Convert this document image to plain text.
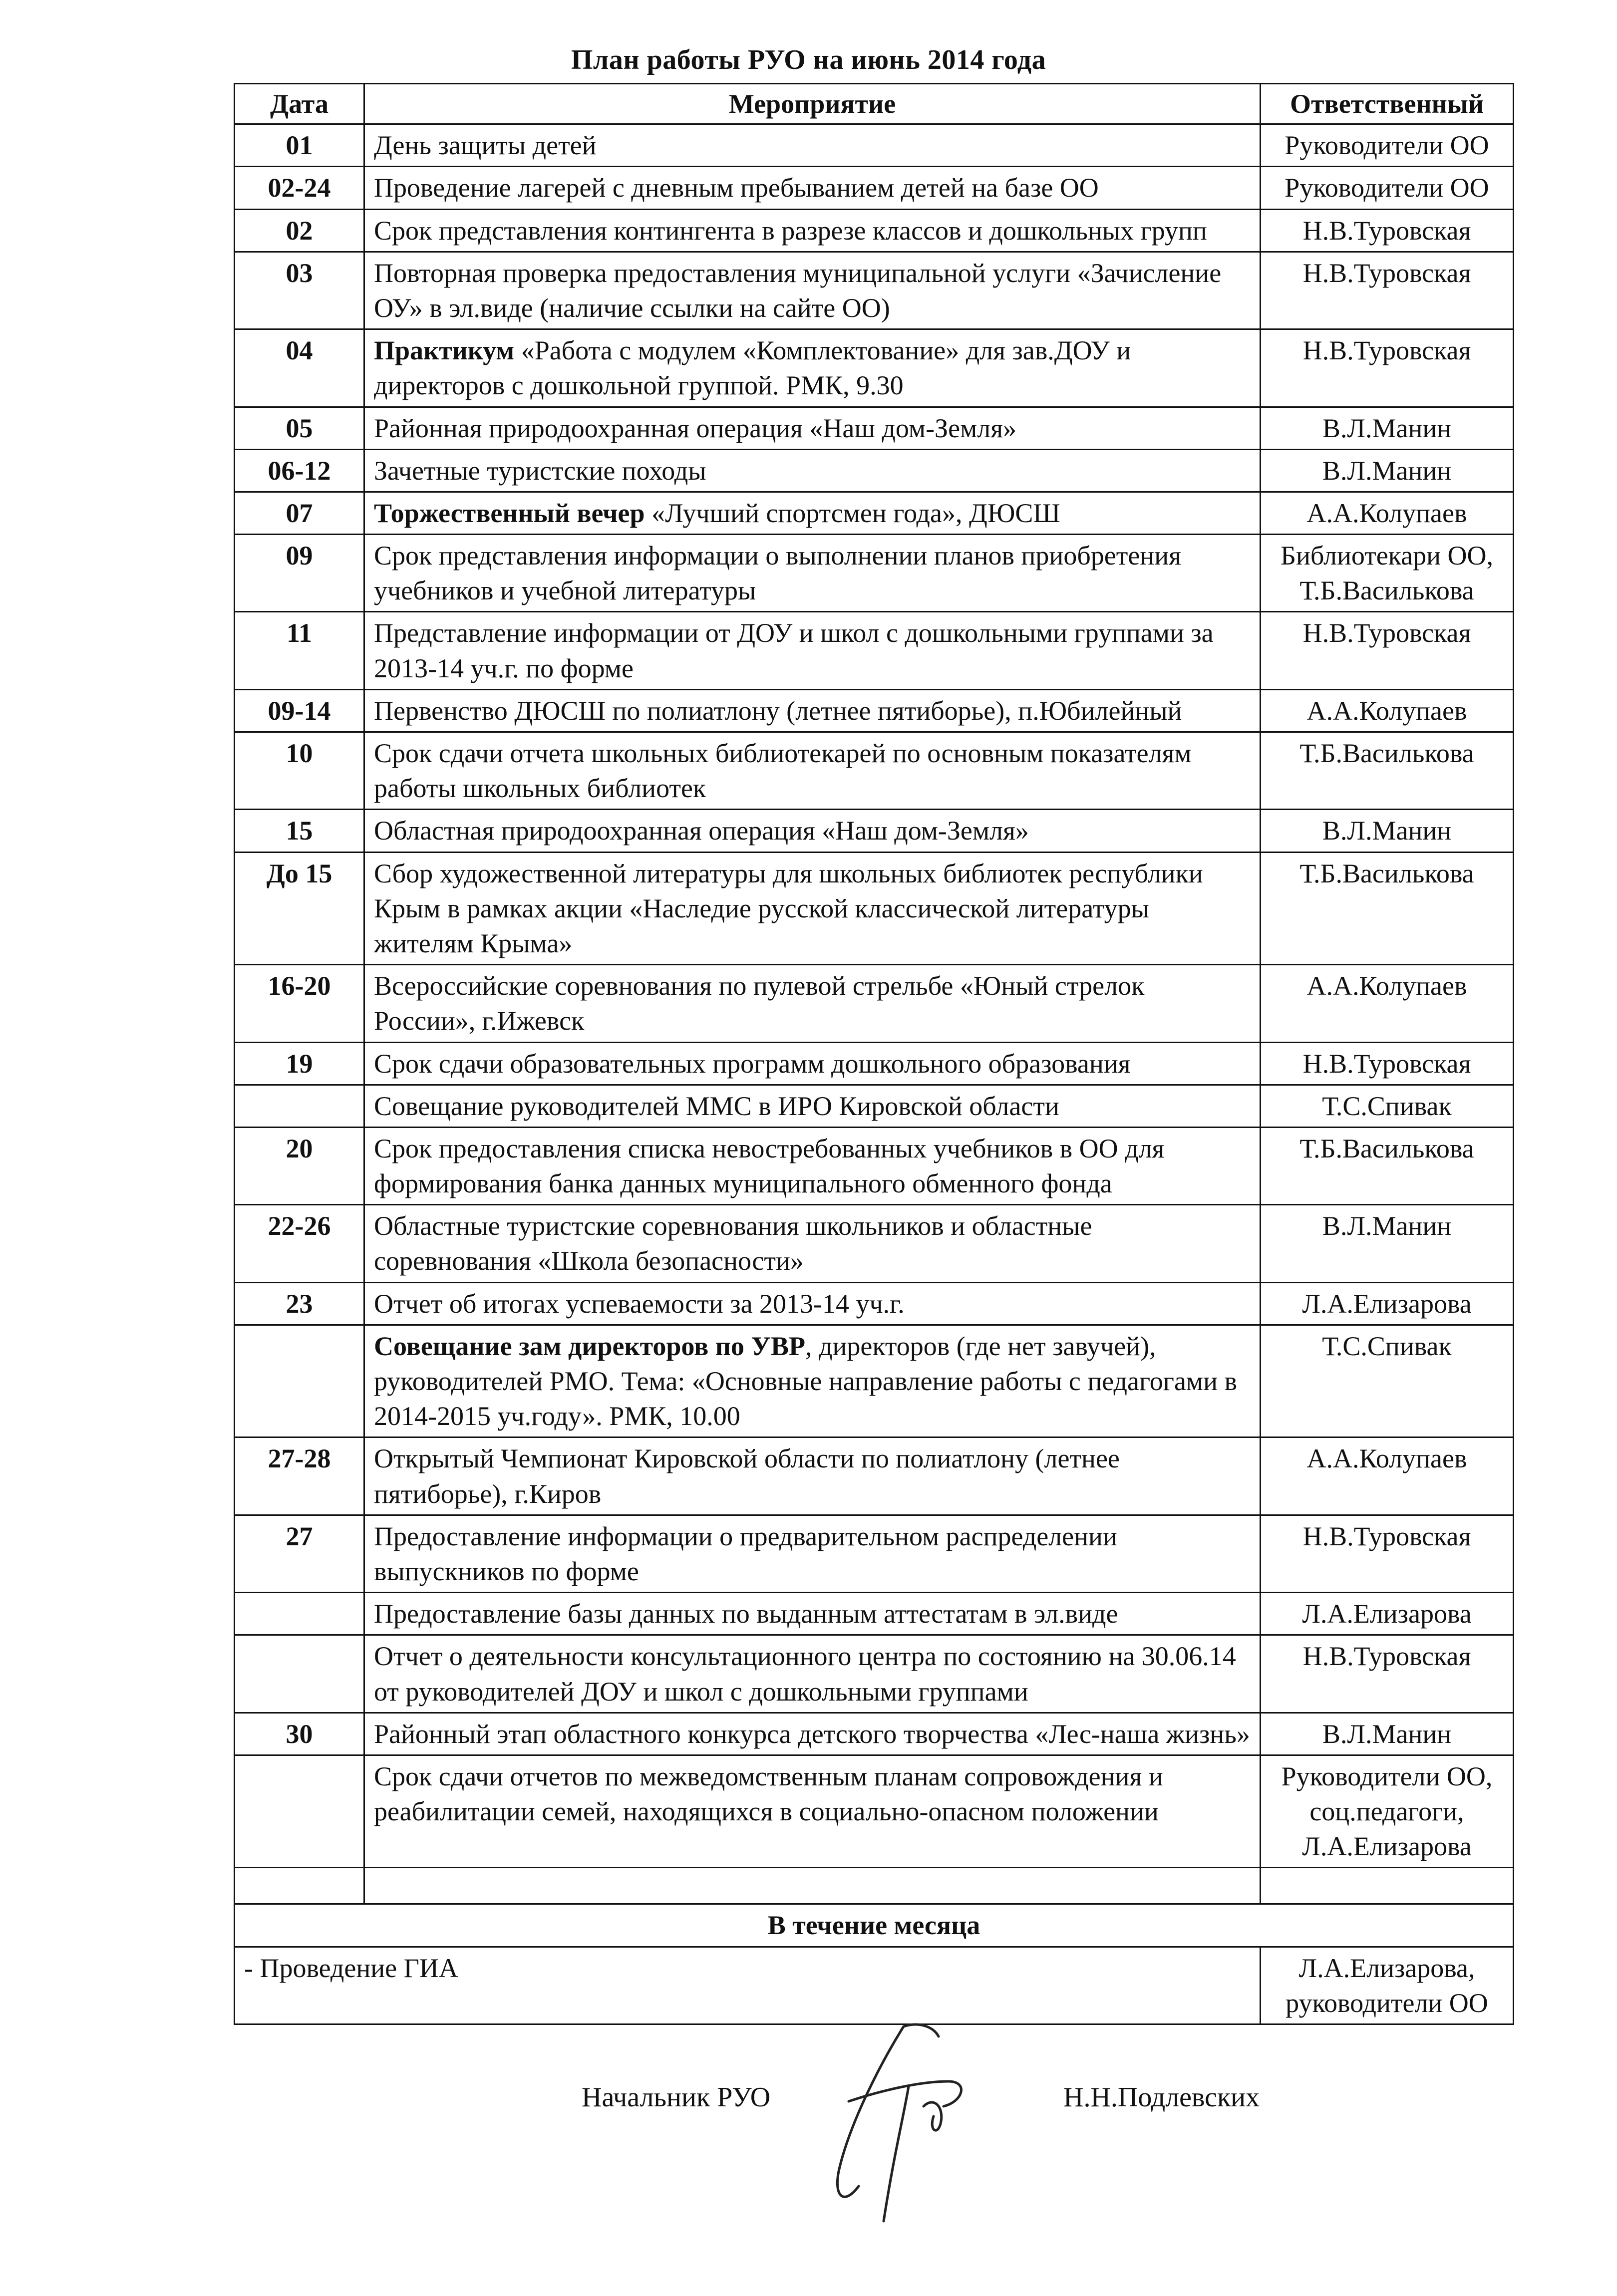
План работы РУО на июнь 2014 года
Дата	Мероприятие	Ответственный
01	День защиты детей	Руководители ОО
02-24	Проведение лагерей с дневным пребыванием детей на базе ОО	Руководители ОО
02	Срок представления контингента в разрезе классов и дошкольных групп	Н.В.Туровская
03	Повторная проверка предоставления муниципальной услуги «Зачисление ОУ» в эл.виде (наличие ссылки на сайте ОО)	Н.В.Туровская
04	Практикум «Работа с модулем «Комплектование» для зав.ДОУ и директоров с дошкольной группой. РМК, 9.30	Н.В.Туровская
05	Районная природоохранная операция «Наш дом-Земля»	В.Л.Манин
06-12	Зачетные туристские походы	В.Л.Манин
07	Торжественный вечер «Лучший спортсмен года», ДЮСШ	А.А.Колупаев
09	Срок представления информации о выполнении планов приобретения учебников и учебной литературы	Библиотекари ОО, Т.Б.Василькова
11	Представление информации от ДОУ и школ с дошкольными группами за 2013-14 уч.г. по форме	Н.В.Туровская
09-14	Первенство ДЮСШ по полиатлону (летнее пятиборье), п.Юбилейный	А.А.Колупаев
10	Срок сдачи отчета школьных библиотекарей по основным показателям работы школьных библиотек	Т.Б.Василькова
15	Областная природоохранная операция «Наш дом-Земля»	В.Л.Манин
До 15	Сбор художественной литературы для школьных библиотек республики Крым в рамках акции «Наследие русской классической литературы жителям Крыма»	Т.Б.Василькова
16-20	Всероссийские соревнования по пулевой стрельбе «Юный стрелок России», г.Ижевск	А.А.Колупаев
19	Срок сдачи образовательных программ дошкольного образования	Н.В.Туровская
	Совещание руководителей ММС в ИРО Кировской области	Т.С.Спивак
20	Срок предоставления списка невостребованных учебников в ОО для формирования банка данных муниципального обменного фонда	Т.Б.Василькова
22-26	Областные туристские соревнования школьников и областные соревнования «Школа безопасности»	В.Л.Манин
23	Отчет об итогах успеваемости за 2013-14 уч.г.	Л.А.Елизарова
	Совещание зам директоров по УВР, директоров (где нет завучей), руководителей РМО. Тема: «Основные направление работы с педагогами в 2014-2015 уч.году». РМК, 10.00	Т.С.Спивак
27-28	Открытый Чемпионат Кировской области по полиатлону (летнее пятиборье), г.Киров	А.А.Колупаев
27	Предоставление информации о предварительном распределении выпускников по форме	Н.В.Туровская
	Предоставление базы данных по выданным аттестатам в эл.виде	Л.А.Елизарова
	Отчет о деятельности консультационного центра по состоянию на 30.06.14 от руководителей ДОУ и школ с дошкольными группами	Н.В.Туровская
30	Районный этап областного конкурса детского творчества «Лес-наша жизнь»	В.Л.Манин
	Срок сдачи отчетов по межведомственным планам сопровождения и реабилитации семей, находящихся в социально-опасном положении	Руководители ОО, соц.педагоги, Л.А.Елизарова

В течение месяца		
- Проведение ГИА		Л.А.Елизарова, руководители ОО
Начальник РУО	Н.Н.Подлевских
